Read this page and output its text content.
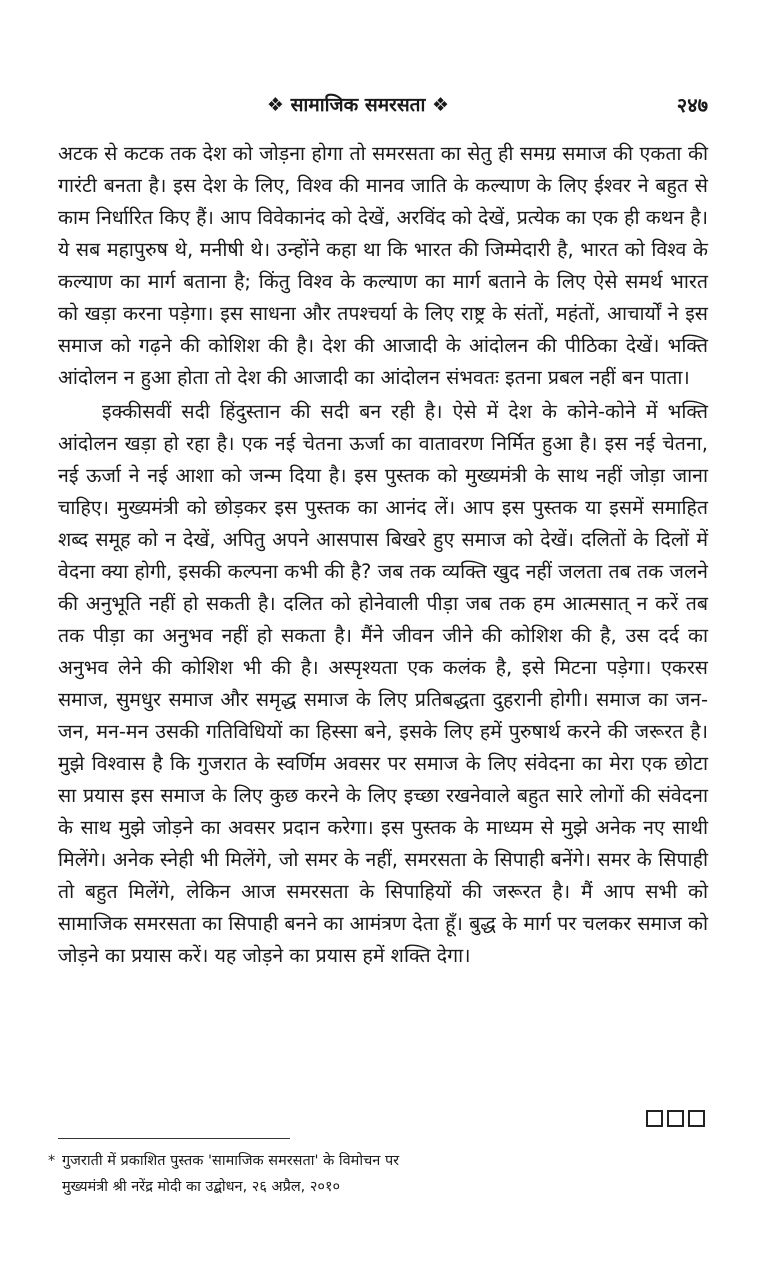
❖ सामाजिक समरसता ❖	२४७

अटक से कटक तक देश को जोड़ना होगा तो समरसता का सेतु ही समग्र समाज की एकता की गारंटी बनता है। इस देश के लिए, विश्व की मानव जाति के कल्याण के लिए ईश्वर ने बहुत से काम निर्धारित किए हैं। आप विवेकानंद को देखें, अरविंद को देखें, प्रत्येक का एक ही कथन है। ये सब महापुरुष थे, मनीषी थे। उन्होंने कहा था कि भारत की जिम्मेदारी है, भारत को विश्व के कल्याण का मार्ग बताना है; किंतु विश्व के कल्याण का मार्ग बताने के लिए ऐसे समर्थ भारत को खड़ा करना पड़ेगा। इस साधना और तपश्चर्या के लिए राष्ट्र के संतों, महंतों, आचार्यों ने इस समाज को गढ़ने की कोशिश की है। देश की आजादी के आंदोलन की पीठिका देखें। भक्ति आंदोलन न हुआ होता तो देश की आजादी का आंदोलन संभवतः इतना प्रबल नहीं बन पाता।

इक्कीसवीं सदी हिंदुस्तान की सदी बन रही है। ऐसे में देश के कोने-कोने में भक्ति आंदोलन खड़ा हो रहा है। एक नई चेतना ऊर्जा का वातावरण निर्मित हुआ है। इस नई चेतना, नई ऊर्जा ने नई आशा को जन्म दिया है। इस पुस्तक को मुख्यमंत्री के साथ नहीं जोड़ा जाना चाहिए। मुख्यमंत्री को छोड़कर इस पुस्तक का आनंद लें। आप इस पुस्तक या इसमें समाहित शब्द समूह को न देखें, अपितु अपने आसपास बिखरे हुए समाज को देखें। दलितों के दिलों में वेदना क्या होगी, इसकी कल्पना कभी की है? जब तक व्यक्ति खुद नहीं जलता तब तक जलने की अनुभूति नहीं हो सकती है। दलित को होनेवाली पीड़ा जब तक हम आत्मसात् न करें तब तक पीड़ा का अनुभव नहीं हो सकता है। मैंने जीवन जीने की कोशिश की है, उस दर्द का अनुभव लेने की कोशिश भी की है। अस्पृश्यता एक कलंक है, इसे मिटना पड़ेगा। एकरस समाज, सुमधुर समाज और समृद्ध समाज के लिए प्रतिबद्धता दुहरानी होगी। समाज का जन-जन, मन-मन उसकी गतिविधियों का हिस्सा बने, इसके लिए हमें पुरुषार्थ करने की जरूरत है। मुझे विश्वास है कि गुजरात के स्वर्णिम अवसर पर समाज के लिए संवेदना का मेरा एक छोटा सा प्रयास इस समाज के लिए कुछ करने के लिए इच्छा रखनेवाले बहुत सारे लोगों की संवेदना के साथ मुझे जोड़ने का अवसर प्रदान करेगा। इस पुस्तक के माध्यम से मुझे अनेक नए साथी मिलेंगे। अनेक स्नेही भी मिलेंगे, जो समर के नहीं, समरसता के सिपाही बनेंगे। समर के सिपाही तो बहुत मिलेंगे, लेकिन आज समरसता के सिपाहियों की जरूरत है। मैं आप सभी को सामाजिक समरसता का सिपाही बनने का आमंत्रण देता हूँ। बुद्ध के मार्ग पर चलकर समाज को जोड़ने का प्रयास करें। यह जोड़ने का प्रयास हमें शक्ति देगा।

* गुजराती में प्रकाशित पुस्तक 'सामाजिक समरसता' के विमोचन पर
मुख्यमंत्री श्री नरेंद्र मोदी का उद्बोधन, २६ अप्रैल, २०१०
